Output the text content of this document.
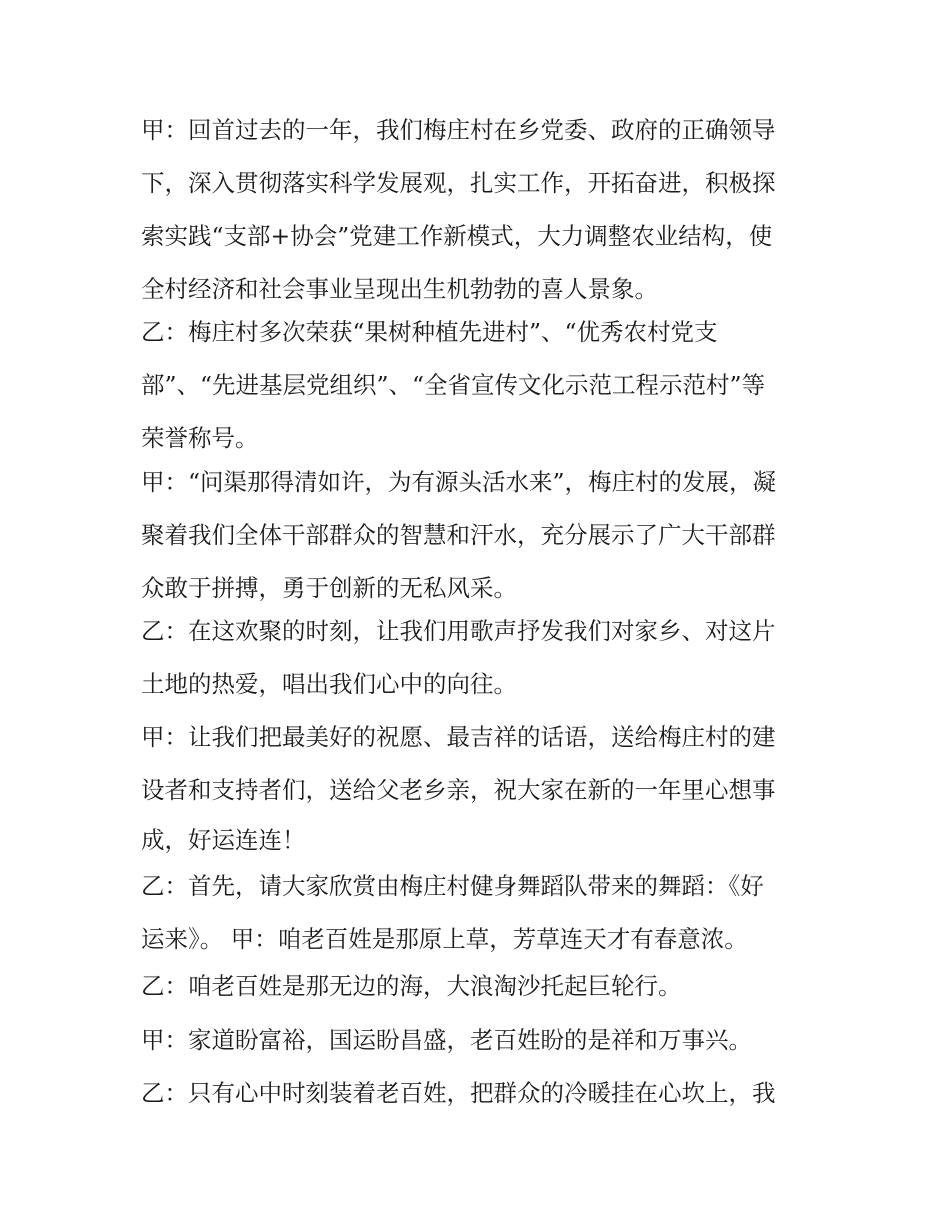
甲：回首过去的一年，我们梅庄村在乡党委、政府的正确领导
下，深入贯彻落实科学发展观，扎实工作，开拓奋进，积极探
索实践“支部+协会”党建工作新模式，大力调整农业结构，使
全村经济和社会事业呈现出生机勃勃的喜人景象。
乙：梅庄村多次荣获“果树种植先进村”、“优秀农村党支
部”、“先进基层党组织”、“全省宣传文化示范工程示范村”等
荣誉称号。
甲：“问渠那得清如许，为有源头活水来”，梅庄村的发展，凝
聚着我们全体干部群众的智慧和汗水，充分展示了广大干部群
众敢于拼搏，勇于创新的无私风采。
乙：在这欢聚的时刻，让我们用歌声抒发我们对家乡、对这片
土地的热爱，唱出我们心中的向往。
甲：让我们把最美好的祝愿、最吉祥的话语，送给梅庄村的建
设者和支持者们，送给父老乡亲，祝大家在新的一年里心想事
成，好运连连！
乙：首先，请大家欣赏由梅庄村健身舞蹈队带来的舞蹈：《好
运来》。 甲：咱老百姓是那原上草，芳草连天才有春意浓。
乙：咱老百姓是那无边的海，大浪淘沙托起巨轮行。
甲：家道盼富裕，国运盼昌盛，老百姓盼的是祥和万事兴。
乙：只有心中时刻装着老百姓，把群众的冷暖挂在心坎上，我
